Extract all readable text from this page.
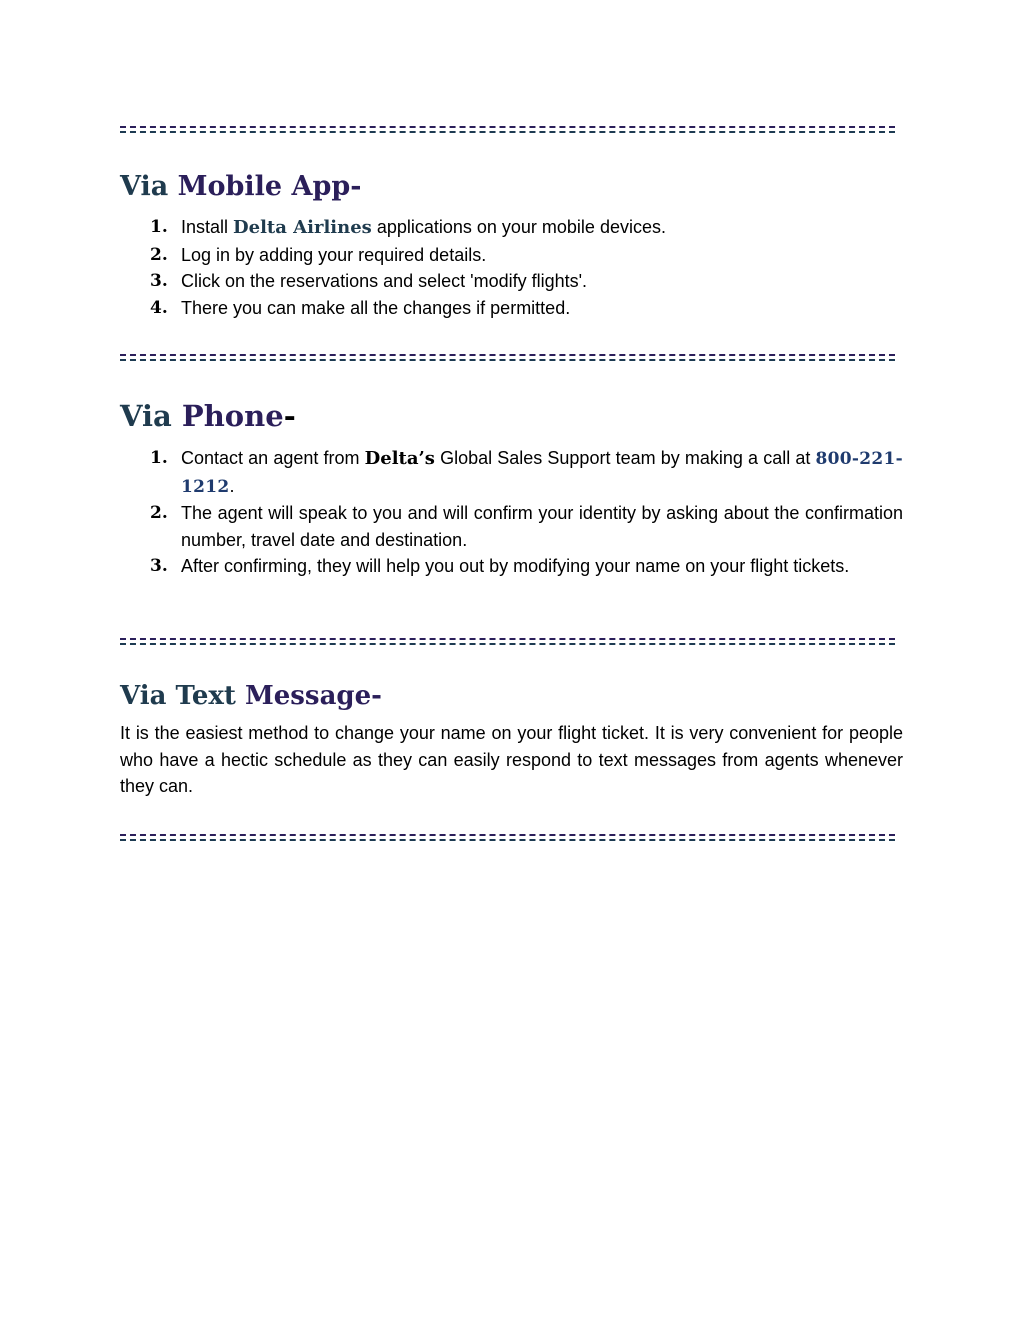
Via Mobile App-
1. Install Delta Airlines applications on your mobile devices.
2. Log in by adding your required details.
3. Click on the reservations and select 'modify flights'.
4. There you can make all the changes if permitted.
Via Phone-
1. Contact an agent from Delta’s Global Sales Support team by making a call at 800-221-1212.
2. The agent will speak to you and will confirm your identity by asking about the confirmation number, travel date and destination.
3. After confirming, they will help you out by modifying your name on your flight tickets.
Via Text Message-

It is the easiest method to change your name on your flight ticket. It is very convenient for people who have a hectic schedule as they can easily respond to text messages from agents whenever they can.
